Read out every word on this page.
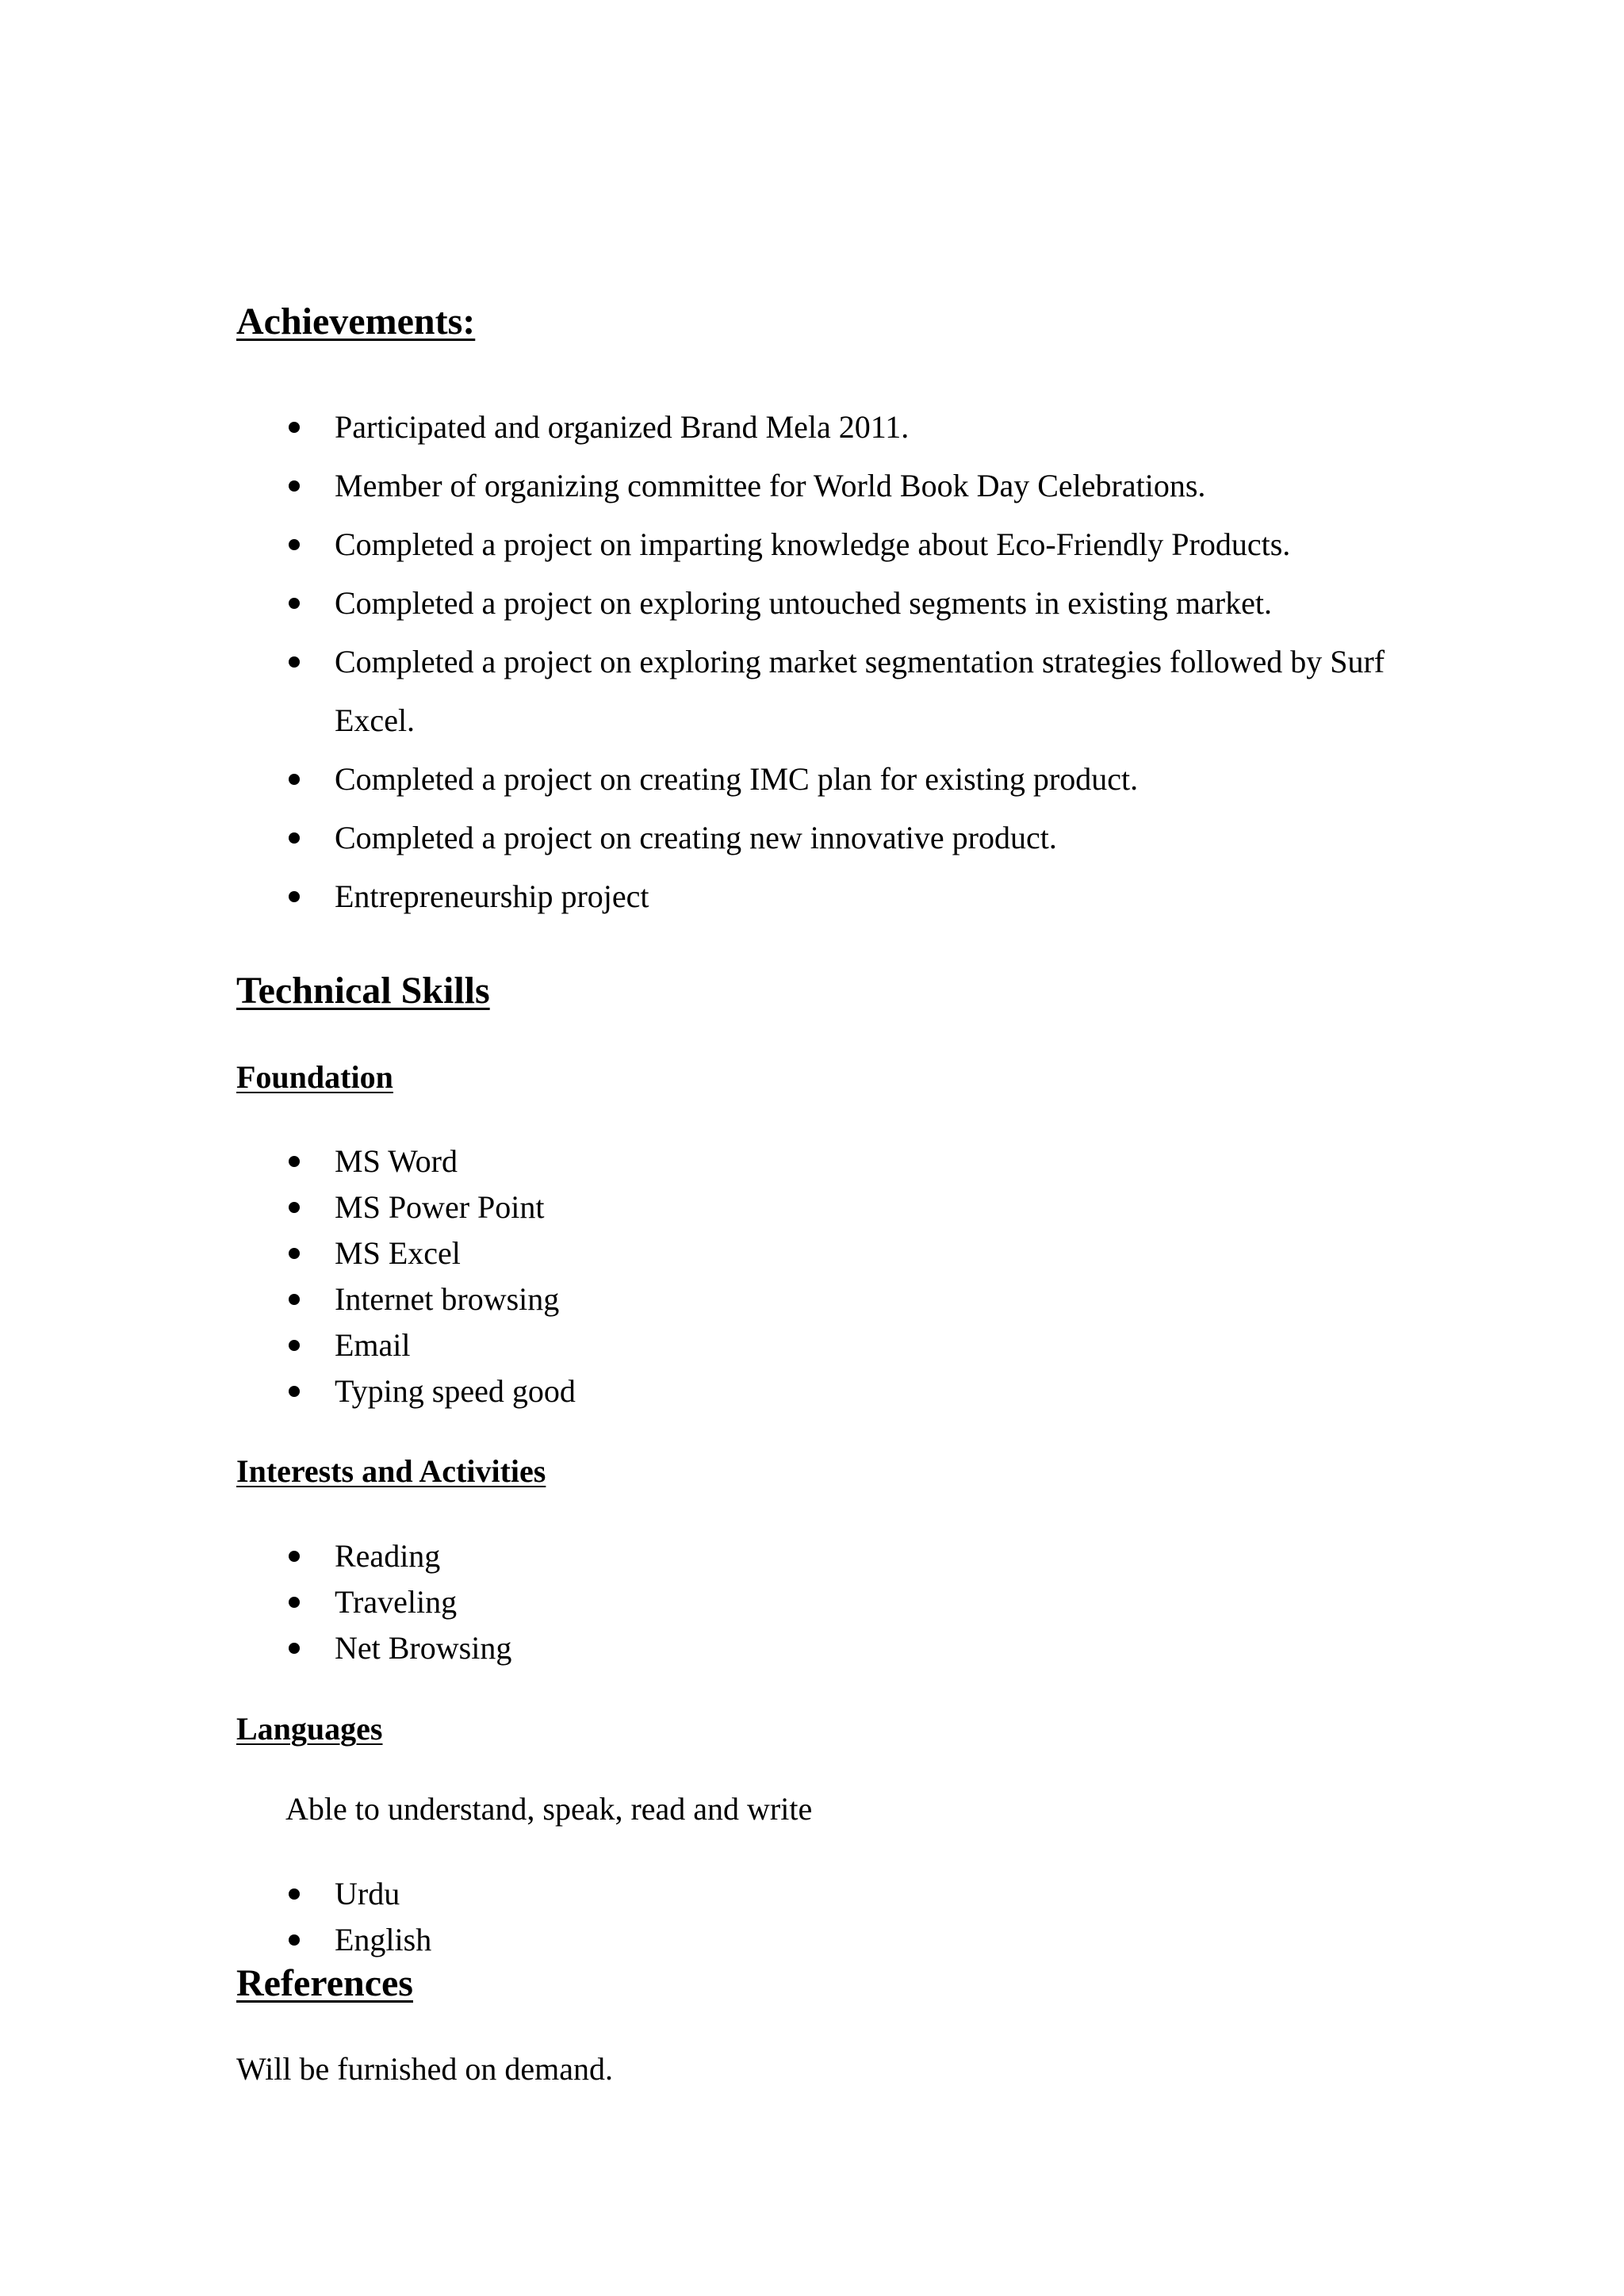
Achievements:
Participated and organized Brand Mela 2011.
Member of organizing committee for World Book Day Celebrations.
Completed a project on imparting knowledge about Eco-Friendly Products.
Completed a project on exploring untouched segments in existing market.
Completed a project on exploring market segmentation strategies followed by Surf Excel.
Completed a project on creating IMC plan for existing product.
Completed a project on creating new innovative product.
Entrepreneurship project
Technical Skills
Foundation
MS Word
MS Power Point
MS Excel
Internet browsing
Email
Typing speed good
Interests and Activities
Reading
Traveling
Net Browsing
Languages

Able to understand, speak, read and write

Urdu
English
References

Will be furnished on demand.
